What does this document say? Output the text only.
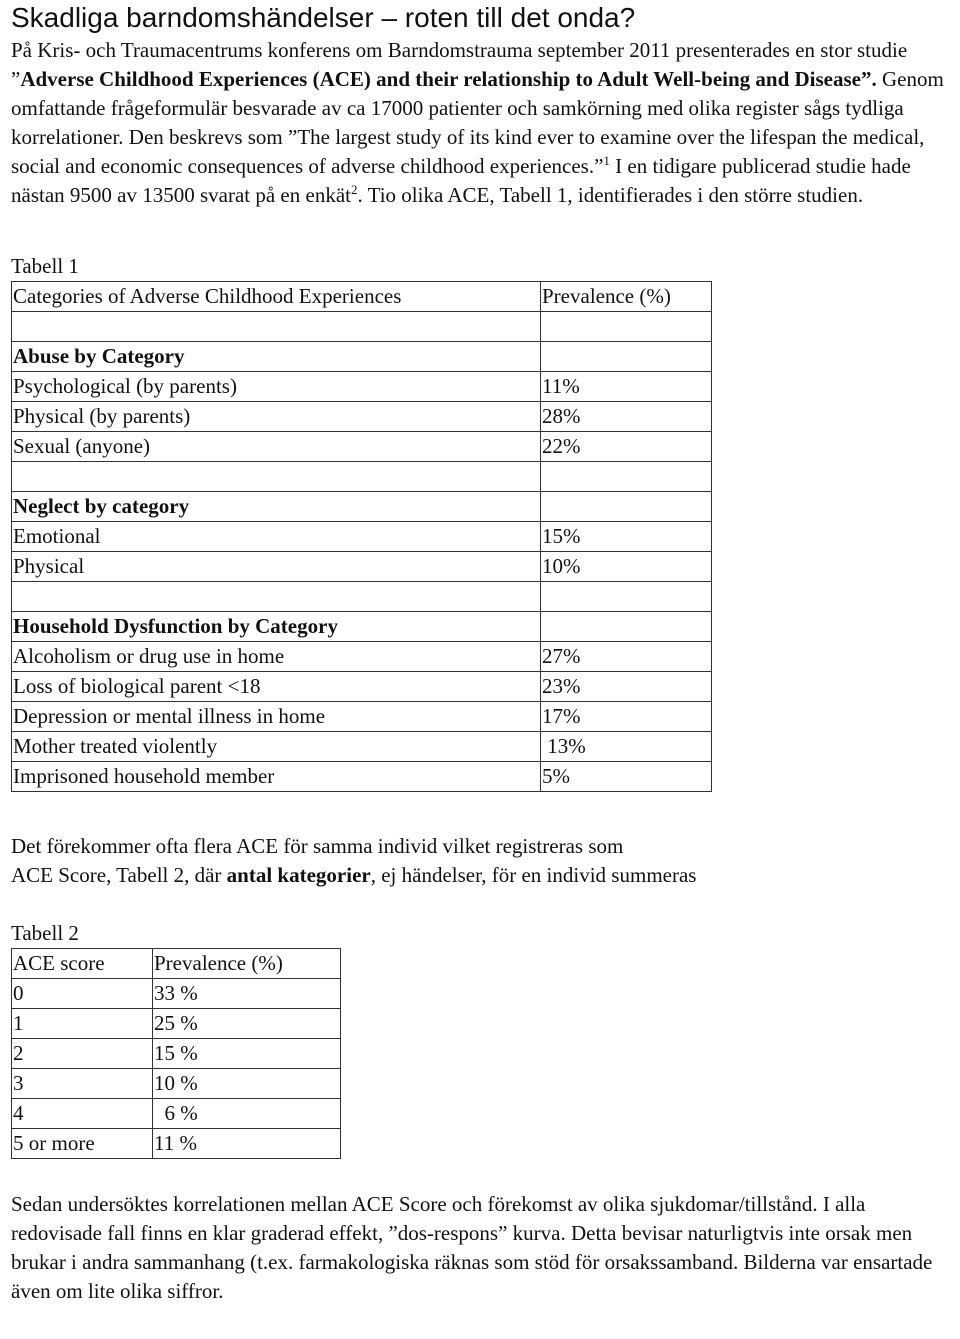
Skadliga barndomshändelser – roten till det onda?

På Kris- och Traumacentrums konferens om Barndomstrauma september 2011 presenterades en stor studie ”Adverse Childhood Experiences (ACE) and their relationship to Adult Well-being and Disease”. Genom omfattande frågeformulär besvarade av ca 17000 patienter och samkörning med olika register sågs tydliga korrelationer. Den beskrevs som ”The largest study of its kind ever to examine over the lifespan the medical, social and economic consequences of adverse childhood experiences.”$^1$ I en tidigare publicerad studie hade nästan 9500 av 13500 svarat på en enkät$^2$. Tio olika ACE, Tabell 1, identifierades i den större studien.

Tabell 1
Categories of Adverse Childhood Experiences	Prevalence (%)

Abuse by Category	
Psychological (by parents)	11%
Physical (by parents)	28%
Sexual (anyone)	22%

Neglect by category	
Emotional	15%
Physical	10%

Household Dysfunction by Category	
Alcoholism or drug use in home	27%
Loss of biological parent <18	23%
Depression or mental illness in home	17%
Mother treated violently	13%
Imprisoned household member	5%

Det förekommer ofta flera ACE för samma individ vilket registreras som
ACE Score, Tabell 2, där antal kategorier, ej händelser, för en individ summeras

Tabell 2
ACE score	Prevalence (%)
0	33 %
1	25 %
2	15 %
3	10 %
4	6 %
5 or more	11 %

Sedan undersöktes korrelationen mellan ACE Score och förekomst av olika sjukdomar/tillstånd. I alla redovisade fall finns en klar graderad effekt, ”dos-respons” kurva. Detta bevisar naturligtvis inte orsak men brukar i andra sammanhang (t.ex. farmakologiska räknas som stöd för orsakssamband. Bilderna var ensartade även om lite olika siffror.
